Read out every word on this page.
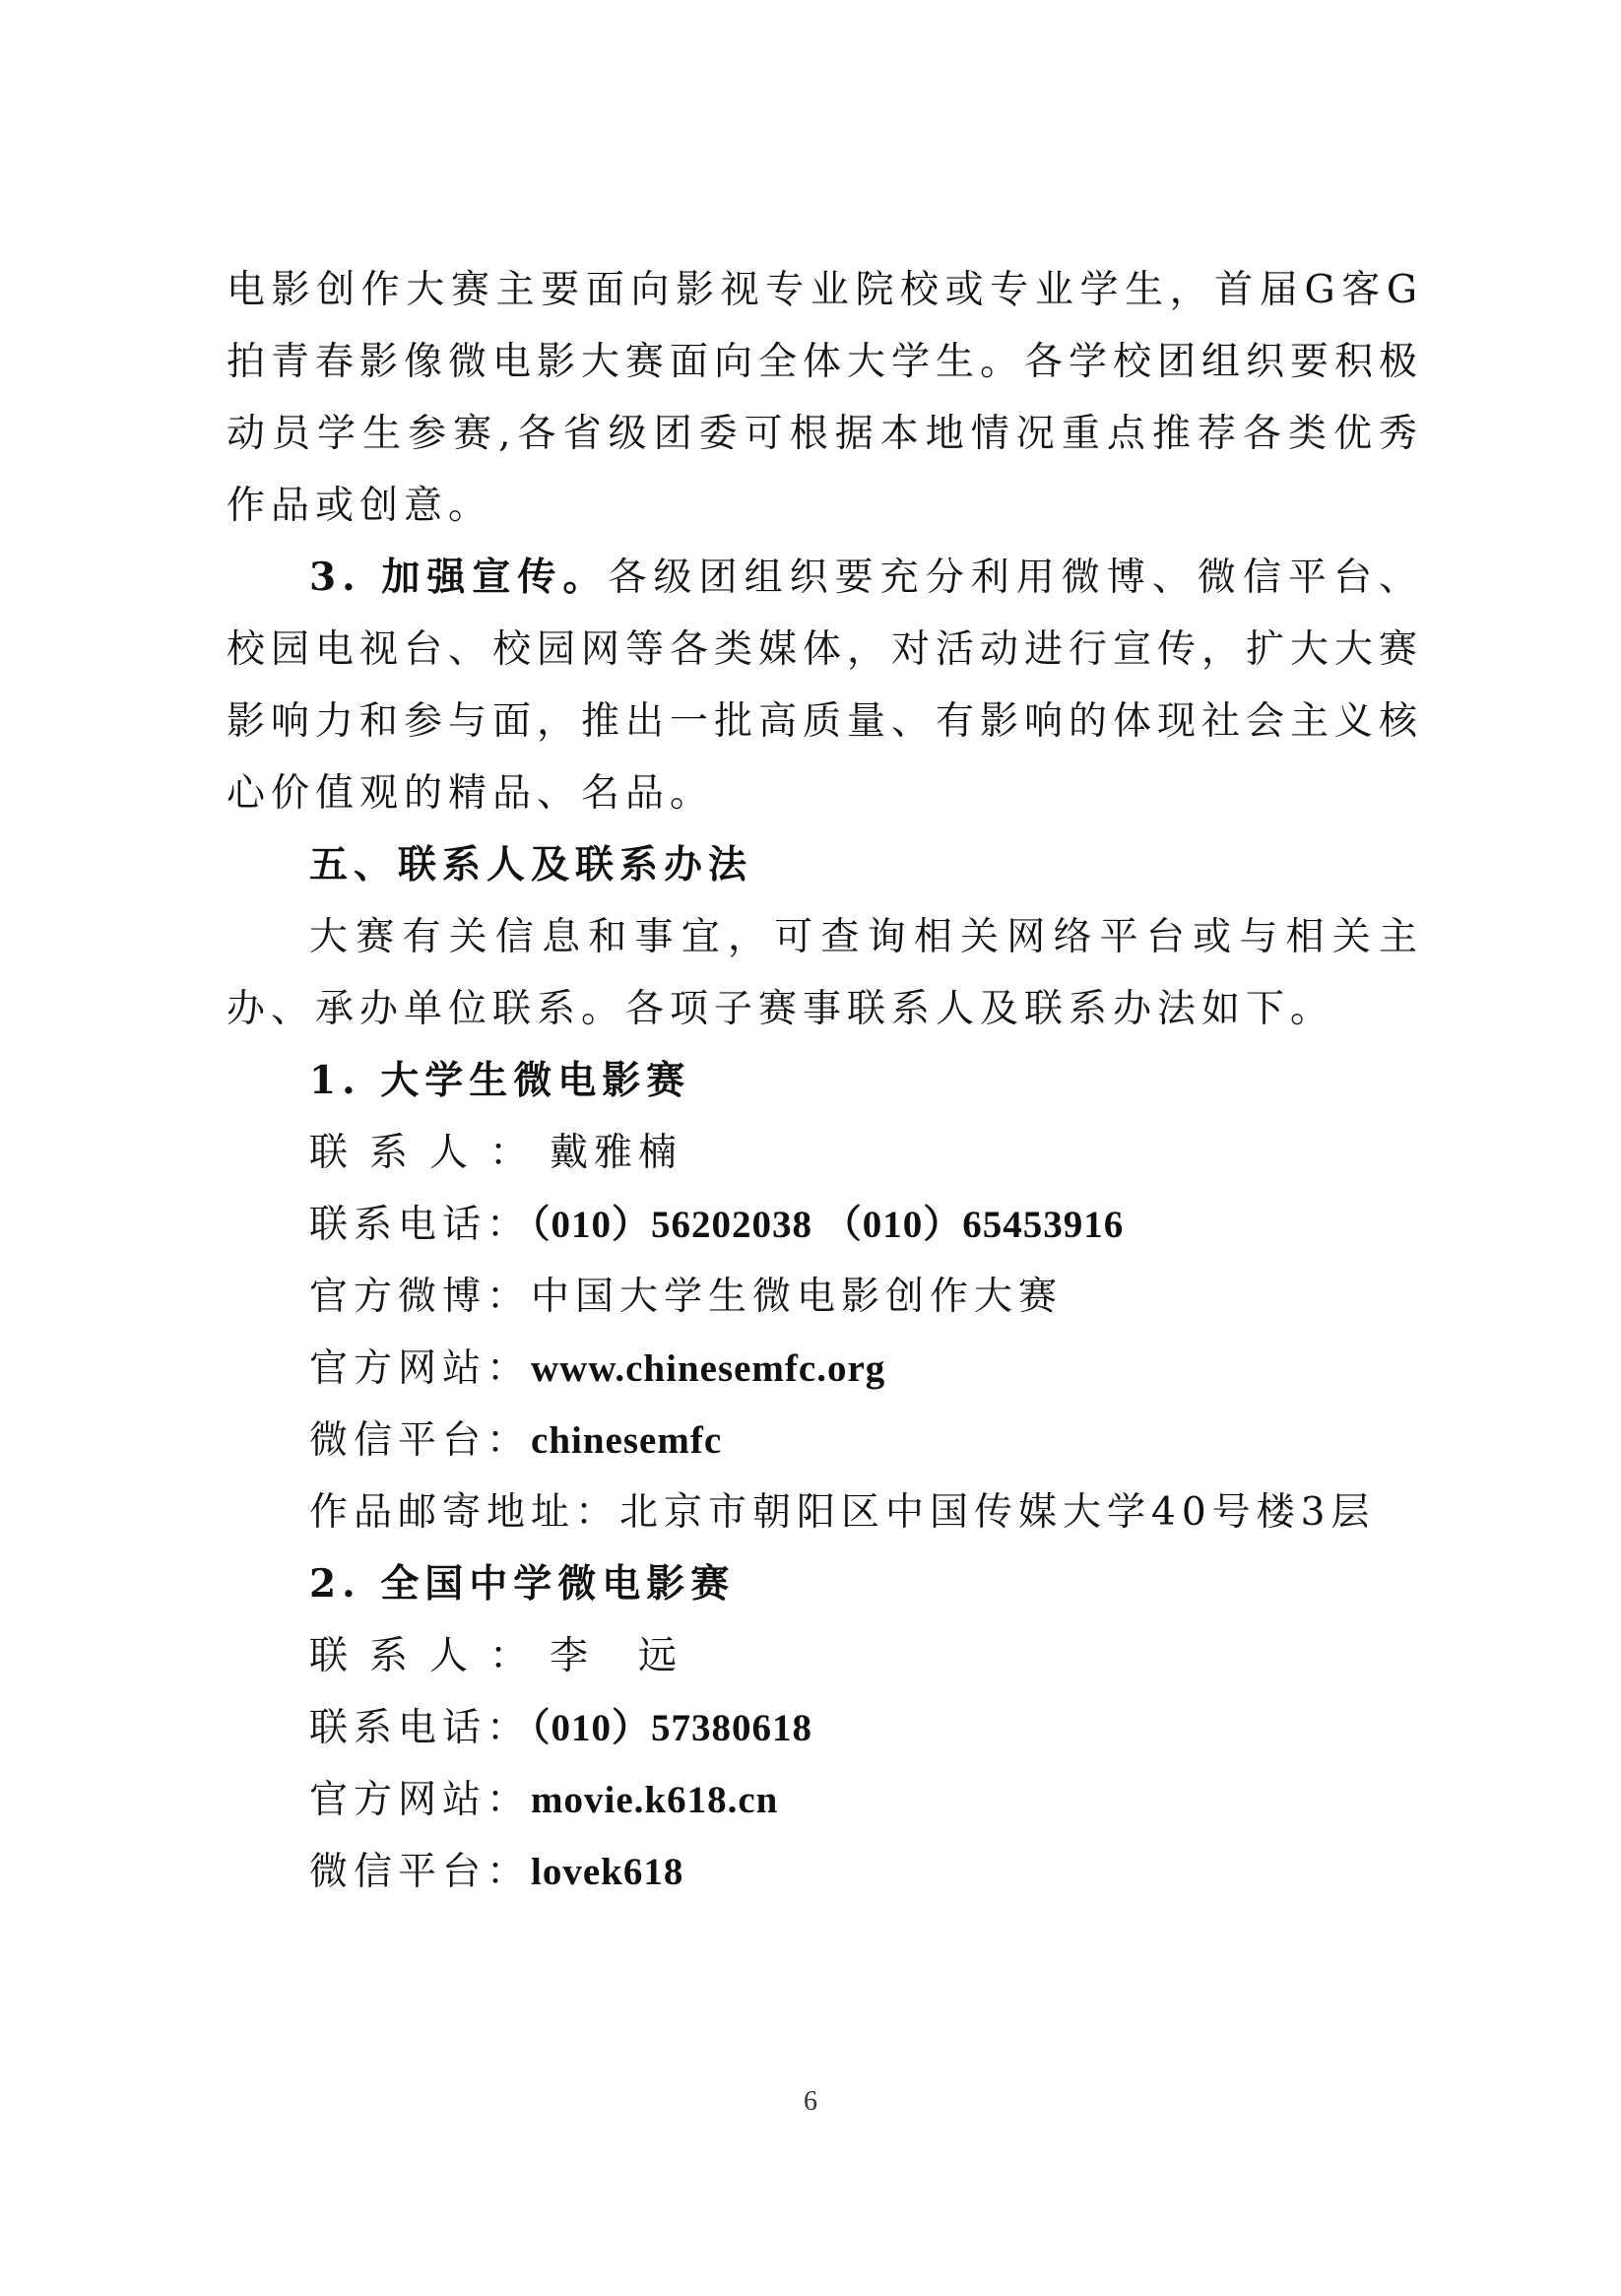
电影创作大赛主要面向影视专业院校或专业学生，首届G客G拍青春影像微电影大赛面向全体大学生。各学校团组织要积极动员学生参赛,各省级团委可根据本地情况重点推荐各类优秀作品或创意。

3. 加强宣传。各级团组织要充分利用微博、微信平台、校园电视台、校园网等各类媒体，对活动进行宣传，扩大大赛影响力和参与面，推出一批高质量、有影响的体现社会主义核心价值观的精品、名品。

五、联系人及联系办法

大赛有关信息和事宜，可查询相关网络平台或与相关主办、承办单位联系。各项子赛事联系人及联系办法如下。

1. 大学生微电影赛

联系人：戴雅楠

联系电话：（010）56202038 （010）65453916

官方微博：中国大学生微电影创作大赛

官方网站：www.chinesemfc.org

微信平台：chinesemfc

作品邮寄地址：北京市朝阳区中国传媒大学40号楼3层

2. 全国中学微电影赛

联系人：李　远

联系电话：（010）57380618

官方网站：movie.k618.cn

微信平台：lovek618

6
